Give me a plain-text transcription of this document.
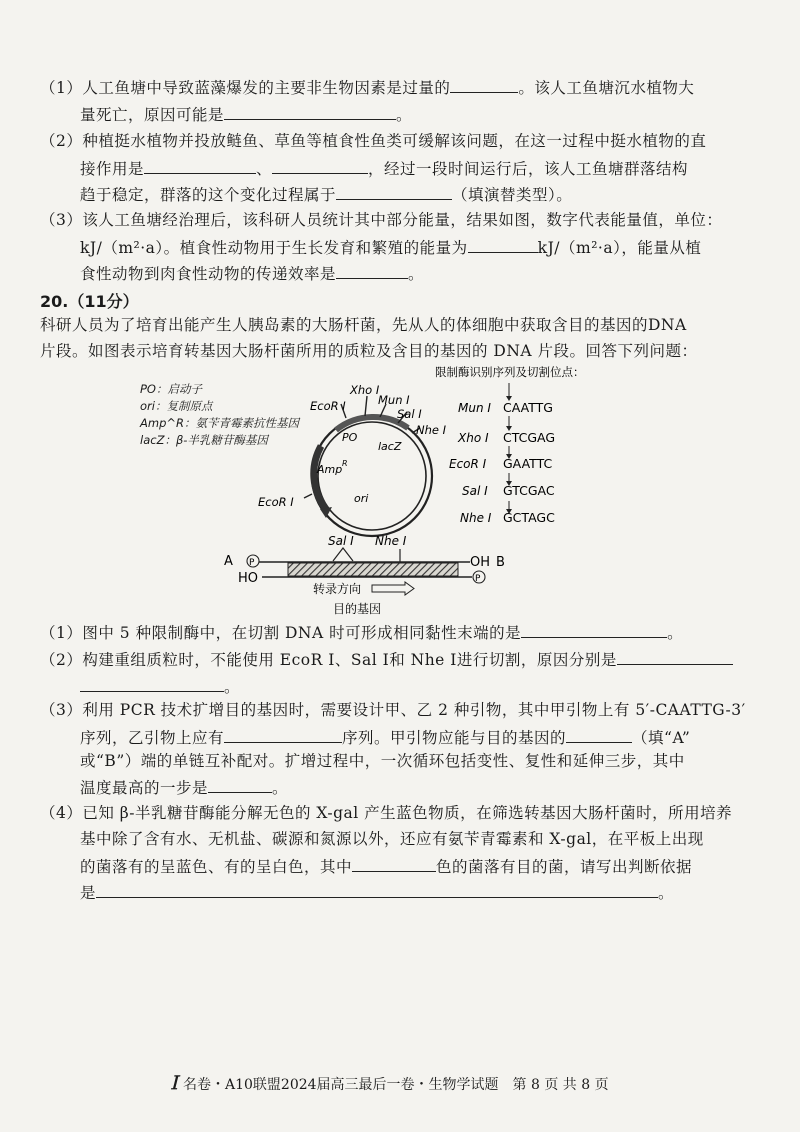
（1）人工鱼塘中导致蓝藻爆发的主要非生物因素是过量的	。该人工鱼塘沉水植物大
量死亡，原因可能是	。
（2）种植挺水植物并投放鲢鱼、草鱼等植食性鱼类可缓解该问题，在这一过程中挺水植物的直
接作用是	、	，经过一段时间运行后，该人工鱼塘群落结构
趋于稳定，群落的这个变化过程属于	（填演替类型）。
（3）该人工鱼塘经治理后，该科研人员统计其中部分能量，结果如图，数字代表能量值，单位：
kJ/（m²·a）。植食性动物用于生长发育和繁殖的能量为	kJ/（m²·a），能量从植
食性动物到肉食性动物的传递效率是	。
20.（11分）
科研人员为了培育出能产生人胰岛素的大肠杆菌，先从人的体细胞中获取含目的基因的DNA
片段。如图表示培育转基因大肠杆菌所用的质粒及含目的基因的 DNA 片段。回答下列问题：
PO：启动子
ori：复制原点
Amp^R：氨苄青霉素抗性基因
lacZ：β-半乳糖苷酶基因
Xho Ⅰ
EcoR Ⅰ	Mun Ⅰ
Sal Ⅰ
Nhe Ⅰ
PO
lacZ
Amp R
ori
EcoR Ⅰ
限制酶识别序列及切割位点：
Mun Ⅰ CAATTG
Xho Ⅰ CTCGAG
EcoR Ⅰ GAATTC
Sal Ⅰ GTCGAC
Nhe Ⅰ GCTAGC
Sal Ⅰ Nhe Ⅰ
A P	OH B
HO	P
转录方向
目的基因
（1）图中 5 种限制酶中，在切割 DNA 时可形成相同黏性末端的是	。
（2）构建重组质粒时，不能使用 EcoR Ⅰ、Sal Ⅰ和 Nhe Ⅰ进行切割，原因分别是
。
（3）利用 PCR 技术扩增目的基因时，需要设计甲、乙 2 种引物，其中甲引物上有 5′-CAATTG-3′
序列，乙引物上应有	序列。甲引物应能与目的基因的	（填“A”
或“B”）端的单链互补配对。扩增过程中，一次循环包括变性、复性和延伸三步，其中
温度最高的一步是	。
（4）已知 β-半乳糖苷酶能分解无色的 X-gal 产生蓝色物质，在筛选转基因大肠杆菌时，所用培养
基中除了含有水、无机盐、碳源和氮源以外，还应有氨苄青霉素和 X-gal，在平板上出现
的菌落有的呈蓝色、有的呈白色，其中	色的菌落有目的菌，请写出判断依据
是	。
Ｉ名卷・A10联盟2024届高三最后一卷・生物学试题　第 8 页 共 8 页
